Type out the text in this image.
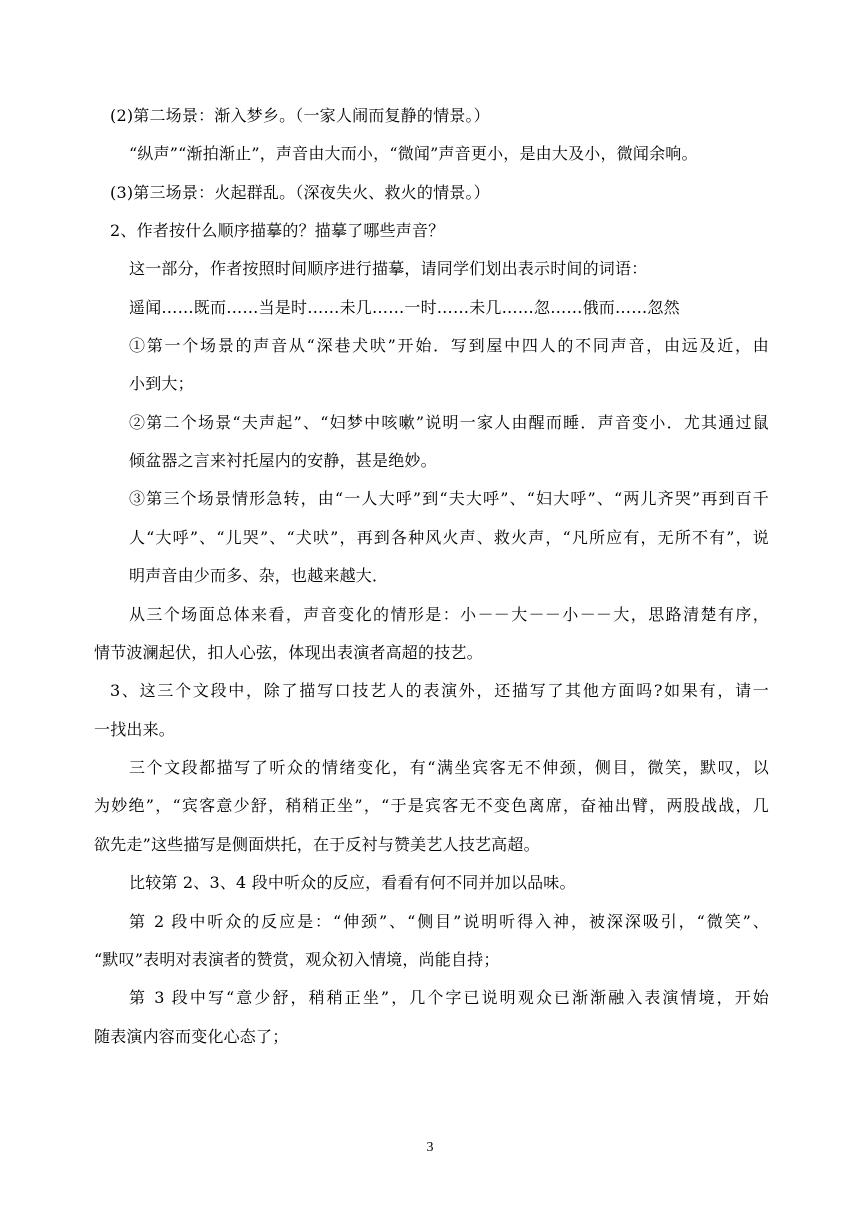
(2)第二场景：渐入梦乡。（一家人闹而复静的情景。）
“纵声”“渐拍渐止”，声音由大而小，“微闻”声音更小，是由大及小，微闻余响。
(3)第三场景：火起群乱。（深夜失火、救火的情景。）
2、作者按什么顺序描摹的？描摹了哪些声音？
这一部分，作者按照时间顺序进行描摹，请同学们划出表示时间的词语：
遥闻……既而……当是时……未几……一时……未几……忽……俄而……忽然
①第一个场景的声音从“深巷犬吠”开始．写到屋中四人的不同声音，由远及近，由
小到大；
②第二个场景“夫声起”、“妇梦中咳嗽”说明一家人由醒而睡．声音变小．尤其通过鼠
倾盆器之言来衬托屋内的安静，甚是绝妙。
③第三个场景情形急转，由“一人大呼”到“夫大呼”、“妇大呼”、“两儿齐哭”再到百千
人“大呼”、“儿哭”、“犬吠”，再到各种风火声、救火声，“凡所应有，无所不有”，说
明声音由少而多、杂，也越来越大．
从三个场面总体来看，声音变化的情形是：小－－大－－小－－大，思路清楚有序，
情节波澜起伏，扣人心弦，体现出表演者高超的技艺。
3、这三个文段中，除了描写口技艺人的表演外，还描写了其他方面吗?如果有，请一
一找出来。
三个文段都描写了听众的情绪变化，有“满坐宾客无不伸颈，侧目，微笑，默叹，以
为妙绝”，“宾客意少舒，稍稍正坐”，“于是宾客无不变色离席，奋袖出臂，两股战战，几
欲先走”这些描写是侧面烘托，在于反衬与赞美艺人技艺高超。
比较第 2、3、4 段中听众的反应，看看有何不同并加以品味。
第 2 段中听众的反应是：“伸颈”、“侧目”说明听得入神，被深深吸引，“微笑”、
“默叹”表明对表演者的赞赏，观众初入情境，尚能自持；
第 3 段中写“意少舒，稍稍正坐”，几个字已说明观众已渐渐融入表演情境，开始
随表演内容而变化心态了；
3
